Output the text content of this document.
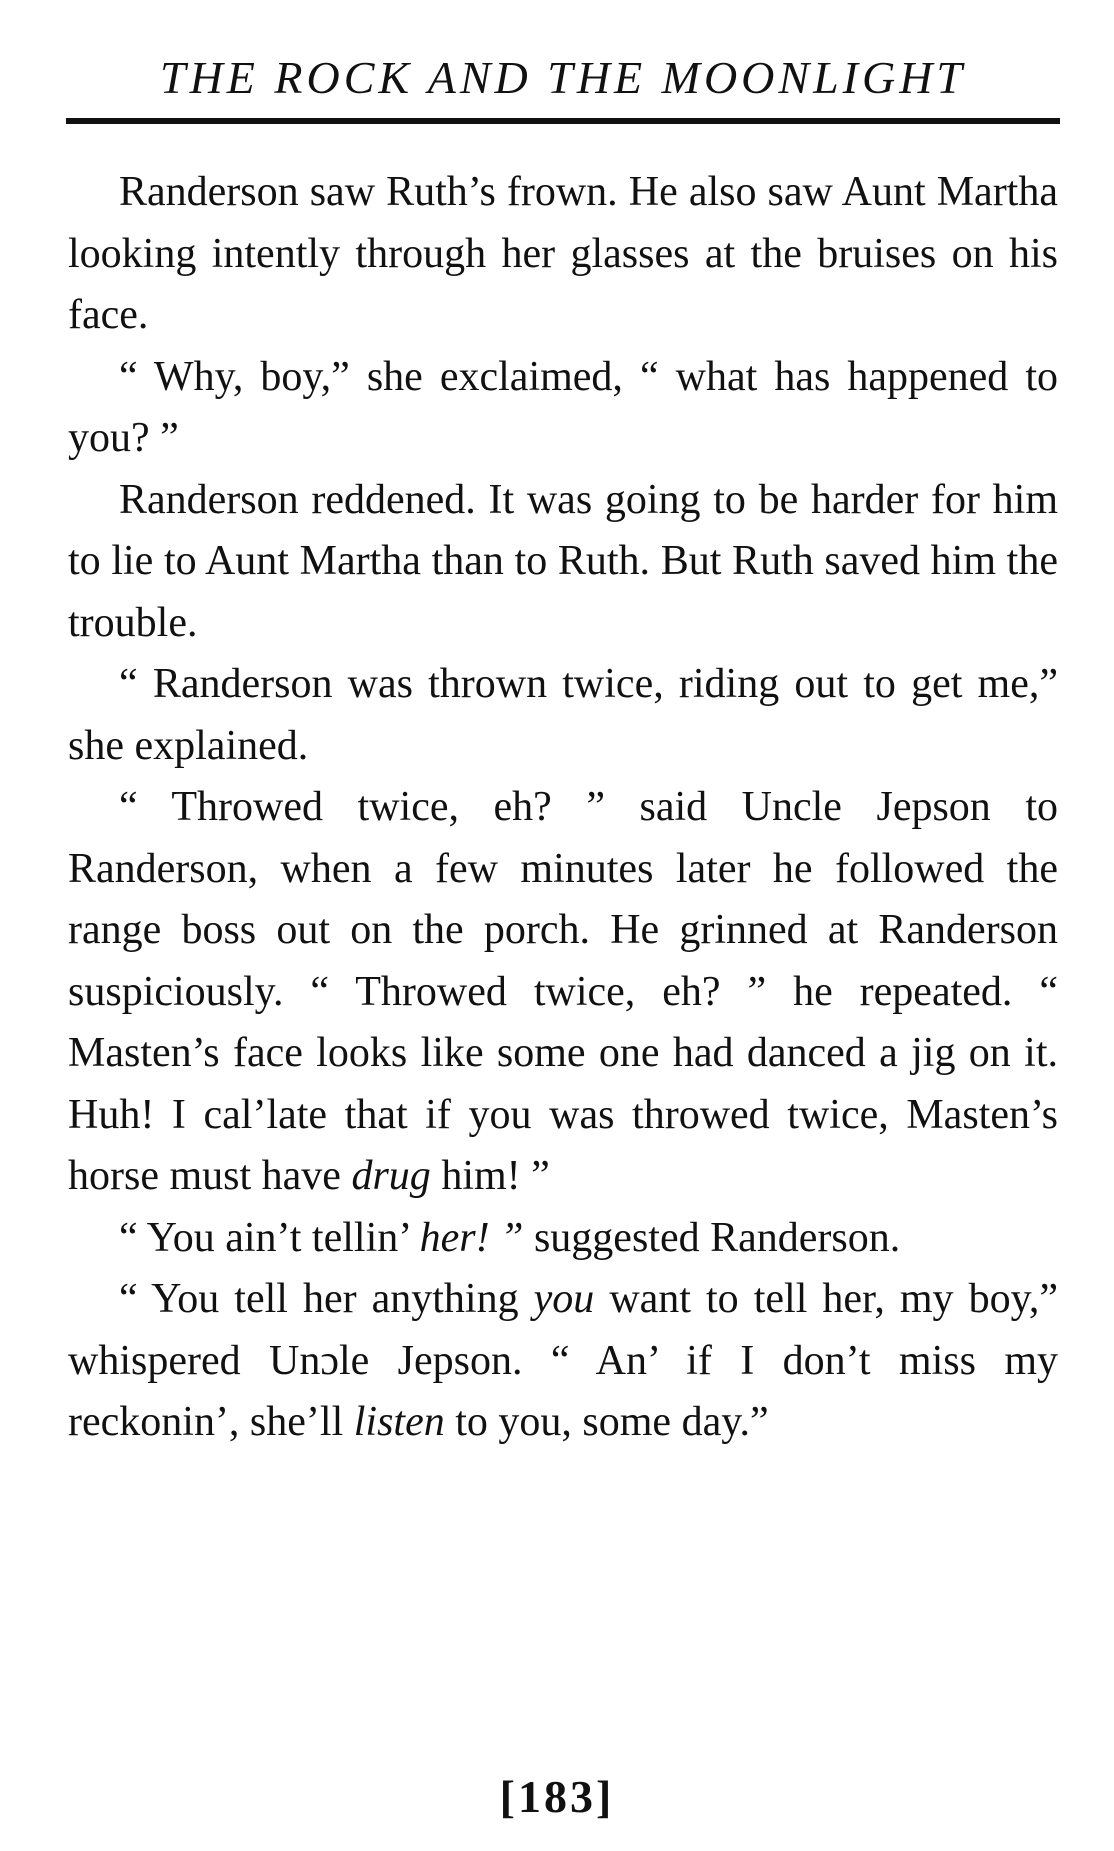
THE ROCK AND THE MOONLIGHT

Randerson saw Ruth’s frown. He also saw Aunt Martha looking intently through her glasses at the bruises on his face.

“ Why, boy,” she exclaimed, “ what has happened to you? ”

Randerson reddened. It was going to be harder for him to lie to Aunt Martha than to Ruth. But Ruth saved him the trouble.

“ Randerson was thrown twice, riding out to get me,” she explained.

“ Throwed twice, eh? ” said Uncle Jepson to Randerson, when a few minutes later he followed the range boss out on the porch. He grinned at Randerson suspiciously. “ Throwed twice, eh? ” he repeated. “ Masten’s face looks like some one had danced a jig on it. Huh! I cal’late that if you was throwed twice, Masten’s horse must have drug him! ”

“ You ain’t tellin’ her! ” suggested Randerson.

“ You tell her anything you want to tell her, my boy,” whispered Unɔle Jepson. “ An’ if I don’t miss my reckonin’, she’ll listen to you, some day.”

[183]
